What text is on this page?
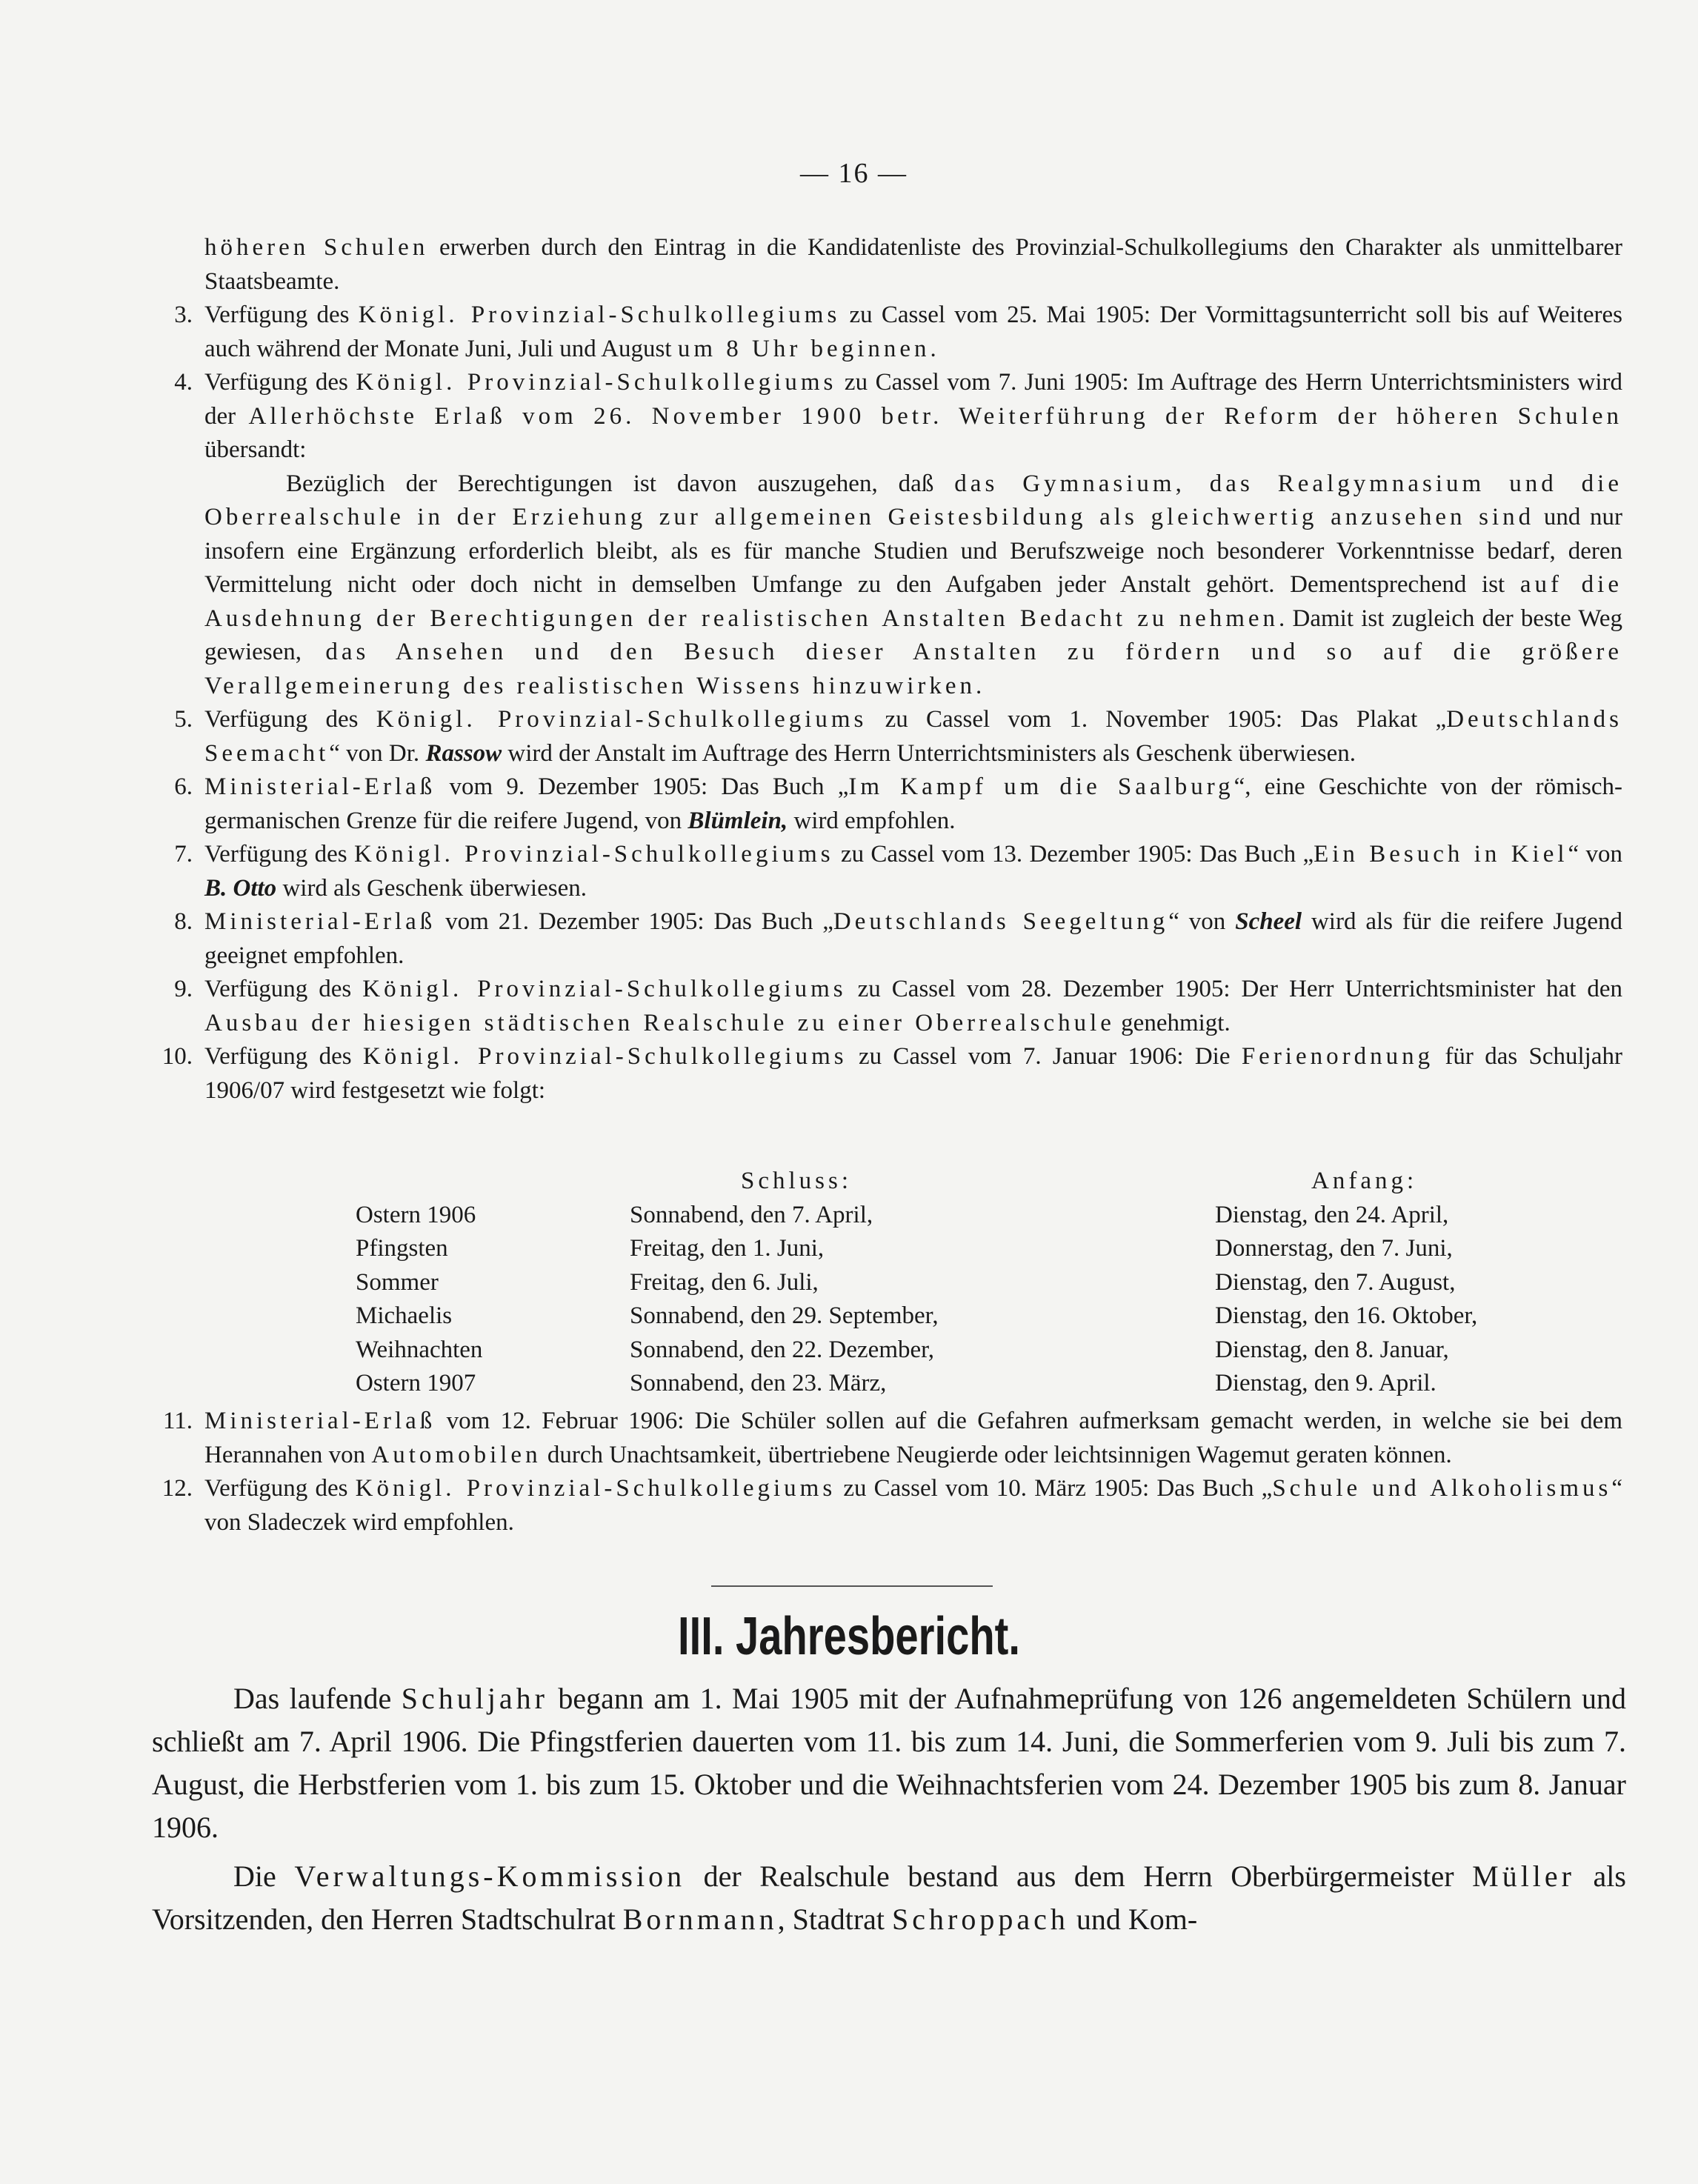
— 16 —
höheren Schulen erwerben durch den Eintrag in die Kandidatenliste des Provinzial-Schulkollegiums den Charakter als unmittelbarer Staatsbeamte.
3. Verfügung des Königl. Provinzial-Schulkollegiums zu Cassel vom 25. Mai 1905: Der Vormittagsunterricht soll bis auf Weiteres auch während der Monate Juni, Juli und August um 8 Uhr beginnen.
4. Verfügung des Königl. Provinzial-Schulkollegiums zu Cassel vom 7. Juni 1905: Im Auftrage des Herrn Unterrichtsministers wird der Allerhöchste Erlaß vom 26. November 1900 betr. Weiterführung der Reform der höheren Schulen übersandt:
Bezüglich der Berechtigungen ist davon auszugehen, daß das Gymnasium, das Realgymnasium und die Oberrealschule in der Erziehung zur allgemeinen Geistesbildung als gleichwertig anzusehen sind und nur insofern eine Ergänzung erforderlich bleibt, als es für manche Studien und Berufszweige noch besonderer Vorkenntnisse bedarf, deren Vermittelung nicht oder doch nicht in demselben Umfange zu den Aufgaben jeder Anstalt gehört. Dementsprechend ist auf die Ausdehnung der Berechtigungen der realistischen Anstalten Bedacht zu nehmen. Damit ist zugleich der beste Weg gewiesen, das Ansehen und den Besuch dieser Anstalten zu fördern und so auf die größere Verallgemeinerung des realistischen Wissens hinzuwirken.
5. Verfügung des Königl. Provinzial-Schulkollegiums zu Cassel vom 1. November 1905: Das Plakat „Deutschlands Seemacht“ von Dr. Rassow wird der Anstalt im Auftrage des Herrn Unterrichtsministers als Geschenk überwiesen.
6. Ministerial-Erlaß vom 9. Dezember 1905: Das Buch „Im Kampf um die Saalburg“, eine Geschichte von der römisch-germanischen Grenze für die reifere Jugend, von Blümlein, wird empfohlen.
7. Verfügung des Königl. Provinzial-Schulkollegiums zu Cassel vom 13. Dezember 1905: Das Buch „Ein Besuch in Kiel“ von B. Otto wird als Geschenk überwiesen.
8. Ministerial-Erlaß vom 21. Dezember 1905: Das Buch „Deutschlands Seegeltung“ von Scheel wird als für die reifere Jugend geeignet empfohlen.
9. Verfügung des Königl. Provinzial-Schulkollegiums zu Cassel vom 28. Dezember 1905: Der Herr Unterrichtsminister hat den Ausbau der hiesigen städtischen Realschule zu einer Oberrealschule genehmigt.
10. Verfügung des Königl. Provinzial-Schulkollegiums zu Cassel vom 7. Januar 1906: Die Ferienordnung für das Schuljahr 1906/07 wird festgesetzt wie folgt:
	Schluss:	Anfang:
Ostern 1906	Sonnabend, den 7. April,	Dienstag, den 24. April,
Pfingsten	Freitag, den 1. Juni,	Donnerstag, den 7. Juni,
Sommer	Freitag, den 6. Juli,	Dienstag, den 7. August,
Michaelis	Sonnabend, den 29. September,	Dienstag, den 16. Oktober,
Weihnachten	Sonnabend, den 22. Dezember,	Dienstag, den 8. Januar,
Ostern 1907	Sonnabend, den 23. März,	Dienstag, den 9. April.
11. Ministerial-Erlaß vom 12. Februar 1906: Die Schüler sollen auf die Gefahren aufmerksam gemacht werden, in welche sie bei dem Herannahen von Automobilen durch Unachtsamkeit, übertriebene Neugierde oder leichtsinnigen Wagemut geraten können.
12. Verfügung des Königl. Provinzial-Schulkollegiums zu Cassel vom 10. März 1905: Das Buch „Schule und Alkoholismus“ von Sladeczek wird empfohlen.
III. Jahresbericht.

Das laufende Schuljahr begann am 1. Mai 1905 mit der Aufnahmeprüfung von 126 angemeldeten Schülern und schließt am 7. April 1906. Die Pfingstferien dauerten vom 11. bis zum 14. Juni, die Sommerferien vom 9. Juli bis zum 7. August, die Herbstferien vom 1. bis zum 15. Oktober und die Weihnachtsferien vom 24. Dezember 1905 bis zum 8. Januar 1906.

Die Verwaltungs-Kommission der Realschule bestand aus dem Herrn Oberbürgermeister Müller als Vorsitzenden, den Herren Stadtschulrat Bornmann, Stadtrat Schroppach und Kom-
